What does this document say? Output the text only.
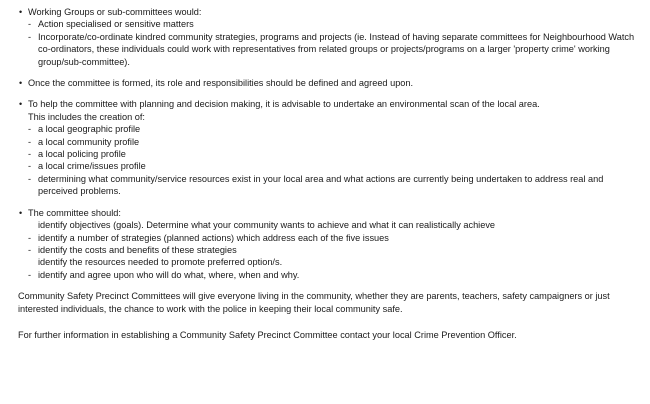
• Working Groups or sub-committees would:
- Action specialised or sensitive matters
- Incorporate/co-ordinate kindred community strategies, programs and projects (ie. Instead of having separate committees for Neighbourhood Watch co-ordinators, these individuals could work with representatives from related groups or projects/programs on a larger 'property crime' working group/sub-committee).
• Once the committee is formed, its role and responsibilities should be defined and agreed upon.
• To help the committee with planning and decision making, it is advisable to undertake an environmental scan of the local area.
This includes the creation of:
- a local geographic profile
- a local community profile
- a local policing profile
- a local crime/issues profile
- determining what community/service resources exist in your local area and what actions are currently being undertaken to address real and perceived problems.
• The committee should:
identify objectives (goals). Determine what your community wants to achieve and what it can realistically achieve
- identify a number of strategies (planned actions) which address each of the five issues
- identify the costs and benefits of these strategies
identify the resources needed to promote preferred option/s.
- identify and agree upon who will do what, where, when and why.
Community Safety Precinct Committees will give everyone living in the community, whether they are parents, teachers, safety campaigners or just interested individuals, the chance to work with the police in keeping their local community safe.
For further information in establishing a Community Safety Precinct Committee contact your local Crime Prevention Officer.
